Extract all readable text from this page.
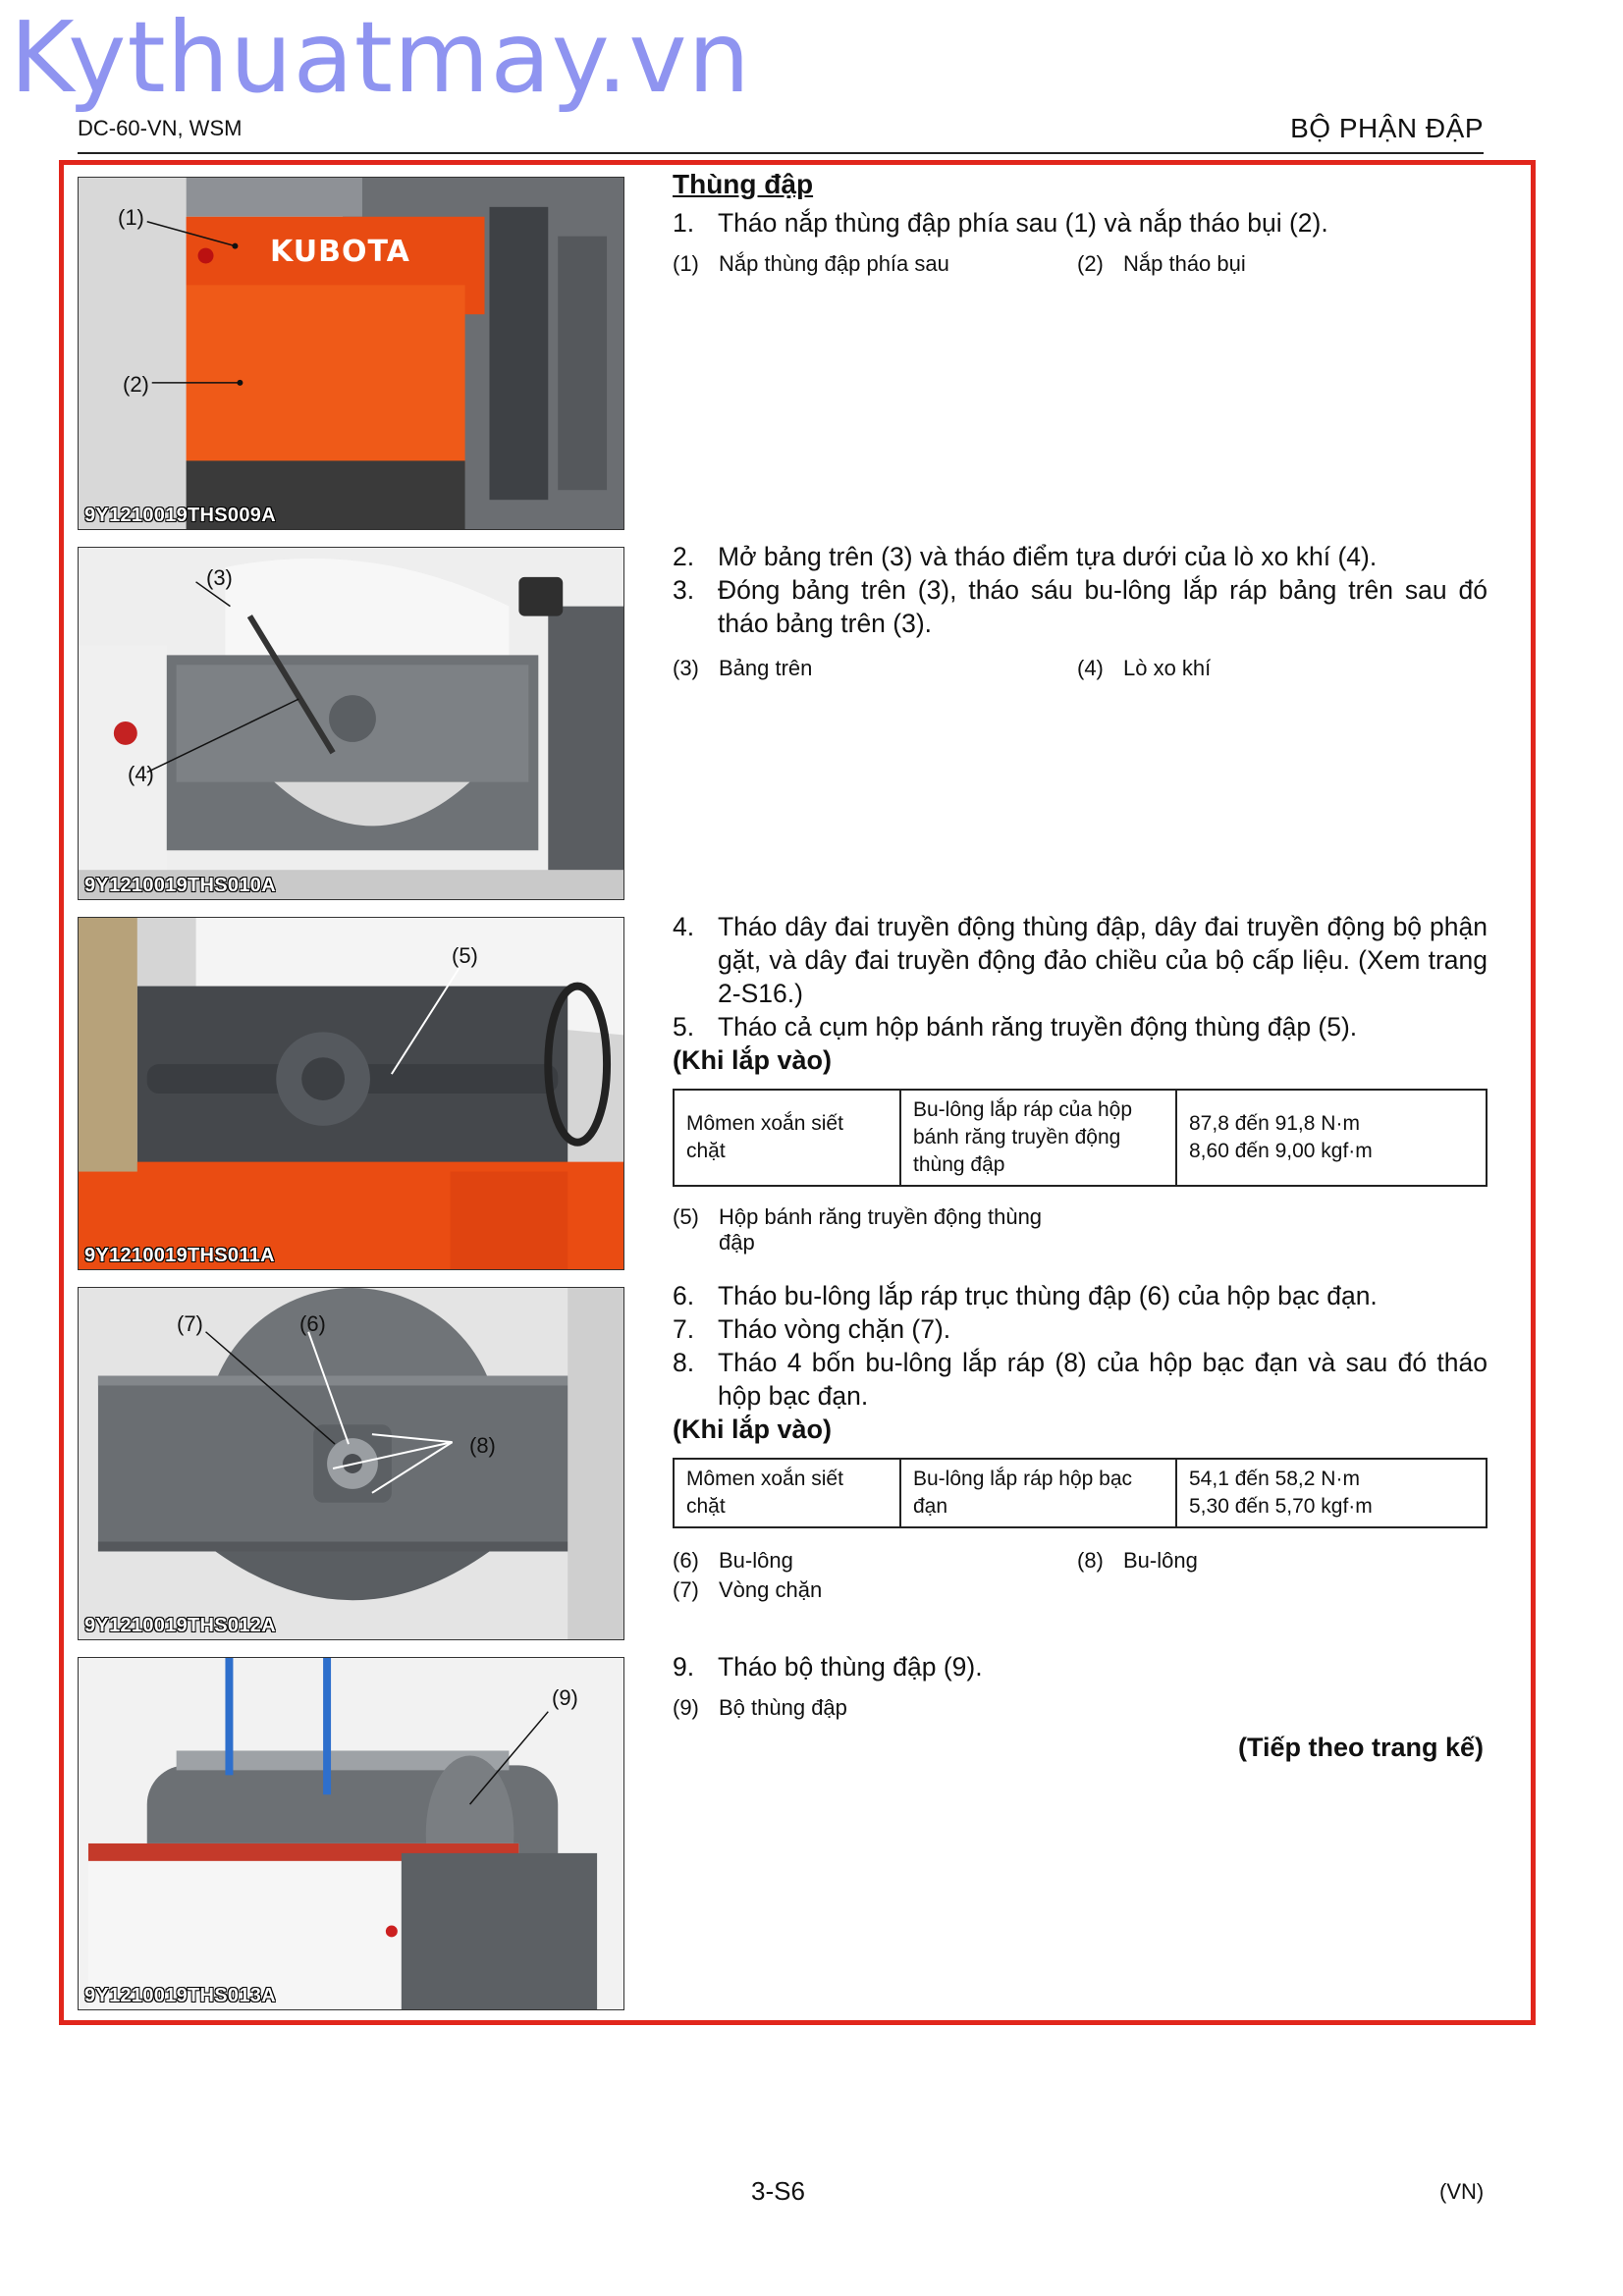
Kythuatmay.vn
DC-60-VN, WSM	BỘ PHẬN ĐẬP
KUBOTA
(1)
(2)
9Y1210019THS009A
(3)
(4)
9Y1210019THS010A
(5)
9Y1210019THS011A
(7)	(6)
(8)
9Y1210019THS012A
(9)
9Y1210019THS013A
Thùng đập
1. Tháo nắp thùng đập phía sau (1) và nắp tháo bụi (2).
(1) Nắp thùng đập phía sau	(2) Nắp tháo bụi
2. Mở bảng trên (3) và tháo điểm tựa dưới của lò xo khí (4).
3. Đóng bảng trên (3), tháo sáu bu-lông lắp ráp bảng trên sau đó tháo bảng trên (3).
(3) Bảng trên	(4) Lò xo khí
4. Tháo dây đai truyền động thùng đập, dây đai truyền động bộ phận gặt, và dây đai truyền động đảo chiều của bộ cấp liệu. (Xem trang 2-S16.)
5. Tháo cả cụm hộp bánh răng truyền động thùng đập (5).
(Khi lắp vào)
Mômen xoắn siết chặt	Bu-lông lắp ráp của hộp bánh răng truyền động thùng đập	
87,8 đến 91,8 N·m
8,60 đến 9,00 kgf·m
(5) Hộp bánh răng truyền động thùng đập
6. Tháo bu-lông lắp ráp trục thùng đập (6) của hộp bạc đạn.
7. Tháo vòng chặn (7).
8. Tháo 4 bốn bu-lông lắp ráp (8) của hộp bạc đạn và sau đó tháo hộp bạc đạn.
(Khi lắp vào)
Mômen xoắn siết chặt	Bu-lông lắp ráp hộp bạc đạn	
54,1 đến 58,2 N·m
5,30 đến 5,70 kgf·m
(6) Bu-lông	(8) Bu-lông
(7) Vòng chặn
9. Tháo bộ thùng đập (9).
(9) Bộ thùng đập
(Tiếp theo trang kế)
3-S6	(VN)
